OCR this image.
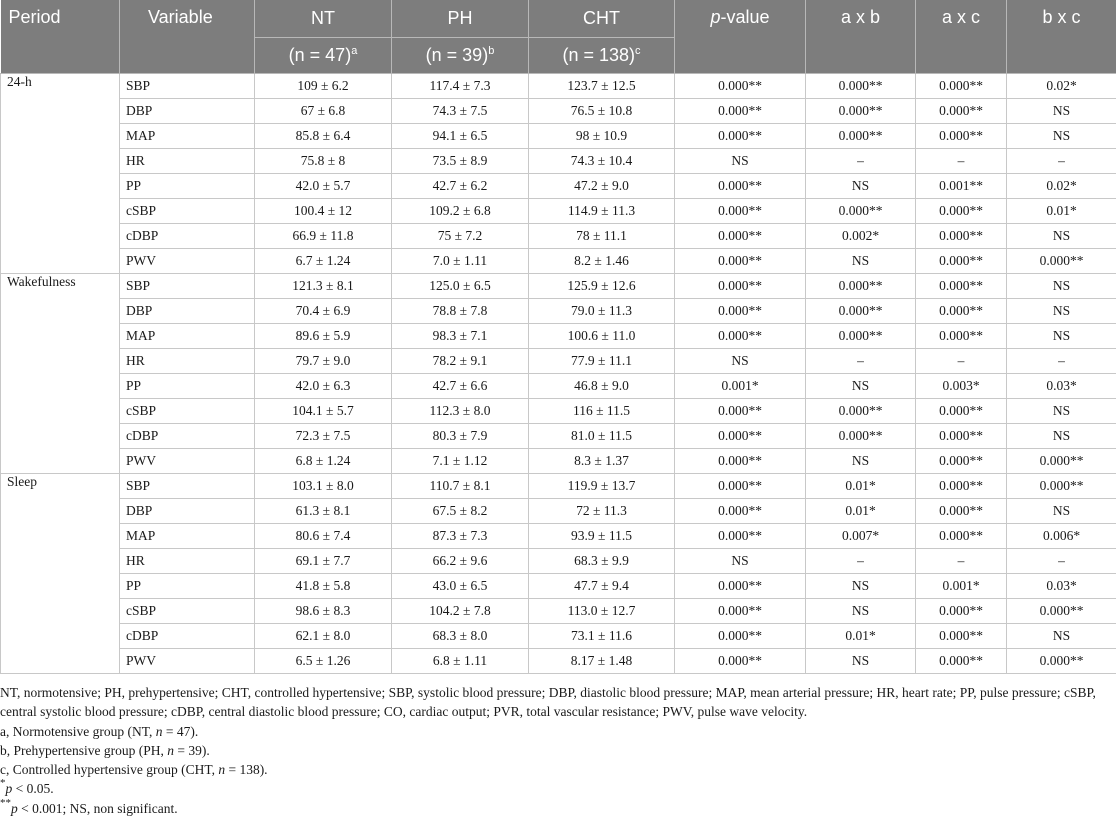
Period	Variable	NT	PH	CHT	p-value	a x b	a x c	b x c
		(n = 47)$^a$	(n = 39)$^b$	(n = 138)$^c$
24-h	SBP	109 ± 6.2	117.4 ± 7.3	123.7 ± 12.5	0.000**	0.000**	0.000**	0.02*
	DBP	67 ± 6.8	74.3 ± 7.5	76.5 ± 10.8	0.000**	0.000**	0.000**	NS
	MAP	85.8 ± 6.4	94.1 ± 6.5	98 ± 10.9	0.000**	0.000**	0.000**	NS
	HR	75.8 ± 8	73.5 ± 8.9	74.3 ± 10.4	NS	–	–	–
	PP	42.0 ± 5.7	42.7 ± 6.2	47.2 ± 9.0	0.000**	NS	0.001**	0.02*
	cSBP	100.4 ± 12	109.2 ± 6.8	114.9 ± 11.3	0.000**	0.000**	0.000**	0.01*
	cDBP	66.9 ± 11.8	75 ± 7.2	78 ± 11.1	0.000**	0.002*	0.000**	NS
	PWV	6.7 ± 1.24	7.0 ± 1.11	8.2 ± 1.46	0.000**	NS	0.000**	0.000**
Wakefulness	SBP	121.3 ± 8.1	125.0 ± 6.5	125.9 ± 12.6	0.000**	0.000**	0.000**	NS
	DBP	70.4 ± 6.9	78.8 ± 7.8	79.0 ± 11.3	0.000**	0.000**	0.000**	NS
	MAP	89.6 ± 5.9	98.3 ± 7.1	100.6 ± 11.0	0.000**	0.000**	0.000**	NS
	HR	79.7 ± 9.0	78.2 ± 9.1	77.9 ± 11.1	NS	–	–	–
	PP	42.0 ± 6.3	42.7 ± 6.6	46.8 ± 9.0	0.001*	NS	0.003*	0.03*
	cSBP	104.1 ± 5.7	112.3 ± 8.0	116 ± 11.5	0.000**	0.000**	0.000**	NS
	cDBP	72.3 ± 7.5	80.3 ± 7.9	81.0 ± 11.5	0.000**	0.000**	0.000**	NS
	PWV	6.8 ± 1.24	7.1 ± 1.12	8.3 ± 1.37	0.000**	NS	0.000**	0.000**
Sleep	SBP	103.1 ± 8.0	110.7 ± 8.1	119.9 ± 13.7	0.000**	0.01*	0.000**	0.000**
	DBP	61.3 ± 8.1	67.5 ± 8.2	72 ± 11.3	0.000**	0.01*	0.000**	NS
	MAP	80.6 ± 7.4	87.3 ± 7.3	93.9 ± 11.5	0.000**	0.007*	0.000**	0.006*
	HR	69.1 ± 7.7	66.2 ± 9.6	68.3 ± 9.9	NS	–	–	–
	PP	41.8 ± 5.8	43.0 ± 6.5	47.7 ± 9.4	0.000**	NS	0.001*	0.03*
	cSBP	98.6 ± 8.3	104.2 ± 7.8	113.0 ± 12.7	0.000**	NS	0.000**	0.000**
	cDBP	62.1 ± 8.0	68.3 ± 8.0	73.1 ± 11.6	0.000**	0.01*	0.000**	NS
	PWV	6.5 ± 1.26	6.8 ± 1.11	8.17 ± 1.48	0.000**	NS	0.000**	0.000**

NT, normotensive; PH, prehypertensive; CHT, controlled hypertensive; SBP, systolic blood pressure; DBP, diastolic blood pressure; MAP, mean arterial pressure; HR, heart rate; PP, pulse pressure; cSBP, central systolic blood pressure; cDBP, central diastolic blood pressure; CO, cardiac output; PVR, total vascular resistance; PWV, pulse wave velocity.

a, Normotensive group (NT, n = 47).

b, Prehypertensive group (PH, n = 39).

c, Controlled hypertensive group (CHT, n = 138).

*p < 0.05.

**p < 0.001; NS, non significant.
